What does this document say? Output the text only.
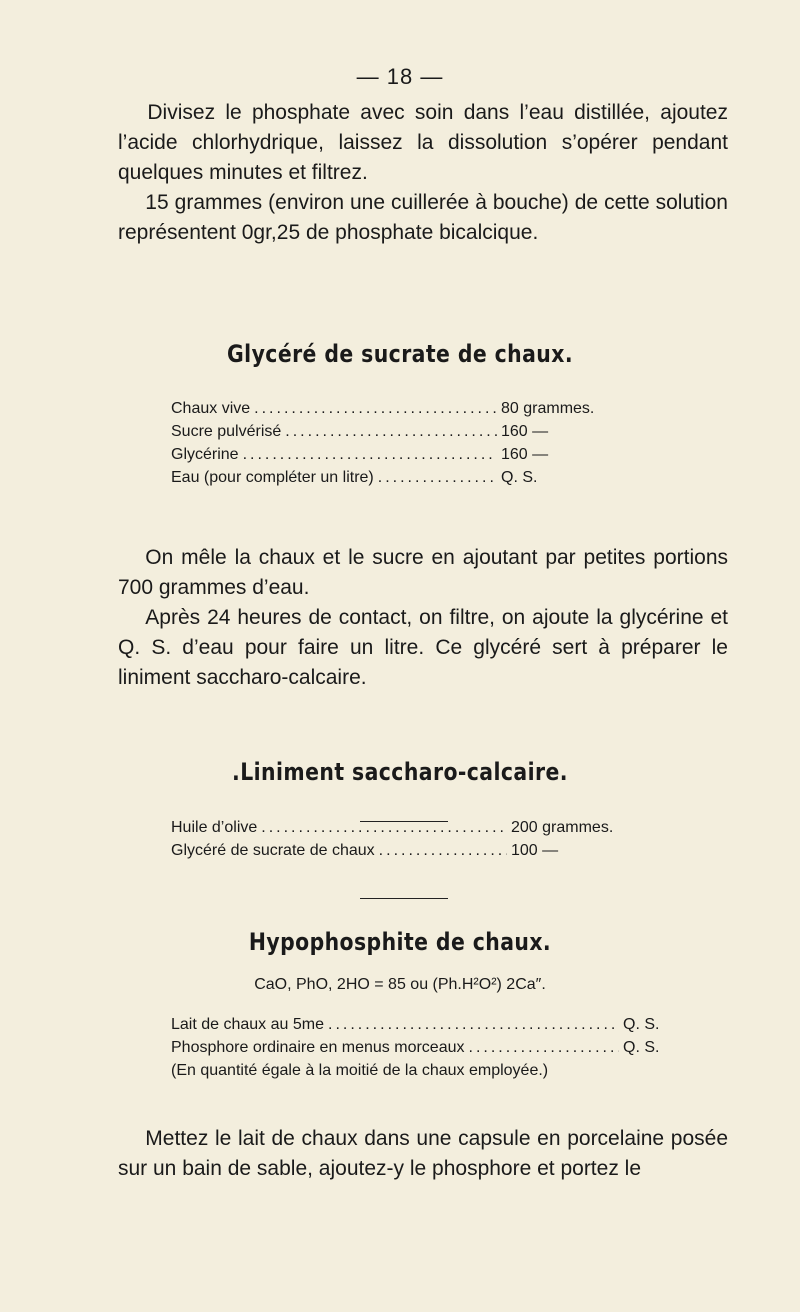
— 18 —

Divisez le phosphate avec soin dans l’eau distillée, ajoutez l’acide chlorhydrique, laissez la dissolution s’opérer pendant quelques minutes et filtrez.

15 grammes (environ une cuillerée à bouche) de cette solution représentent 0gr,25 de phosphate bicalcique.

Glycéré de sucrate de chaux.
Chaux vive .....	80 grammes.
Sucre pulvérisé .....	160 —
Glycérine .....	160 —
Eau (pour compléter un litre) .....	Q. S.

On mêle la chaux et le sucre en ajoutant par petites portions 700 grammes d’eau.

Après 24 heures de contact, on filtre, on ajoute la glycérine et Q. S. d’eau pour faire un litre. Ce glycéré sert à préparer le liniment saccharo-calcaire.

.Liniment saccharo-calcaire.
Huile d’olive .....	200 grammes.
Glycéré de sucrate de chaux .....	100 —
Hypophosphite de chaux.
CaO, PhO, 2HO = 85 ou (Ph.H²O²) 2Ca″.
Lait de chaux au 5me .....	Q. S.
Phosphore ordinaire en menus morceaux .....	Q. S.
(En quantité égale à la moitié de la chaux employée.)

Mettez le lait de chaux dans une capsule en porcelaine posée sur un bain de sable, ajoutez-y le phosphore et portez le
